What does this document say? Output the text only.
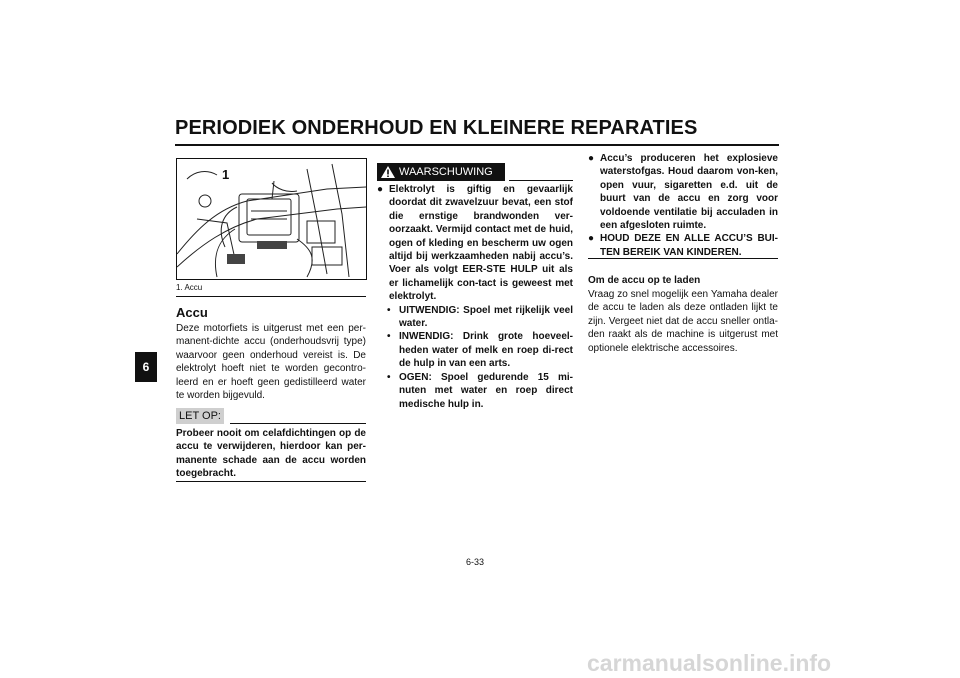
PERIODIEK ONDERHOUD EN KLEINERE REPARATIES
6
1
1. Accu
Accu
Deze motorfiets is uitgerust met een per-manent-dichte accu (onderhoudsvrij type) waarvoor geen onderhoud vereist is. De elektrolyt hoeft niet te worden gecontro-leerd en er hoeft geen gedistilleerd water te worden bijgevuld.
LET OP:
Probeer nooit om celafdichtingen op de accu te verwijderen, hierdoor kan per-manente schade aan de accu worden toegebracht.
WAARSCHUWING
● Elektrolyt is giftig en gevaarlijk doordat dit zwavelzuur bevat, een stof die ernstige brandwonden ver-oorzaakt. Vermijd contact met de huid, ogen of kleding en bescherm uw ogen altijd bij werkzaamheden nabij accu’s. Voer als volgt EER-STE HULP uit als er lichamelijk con-tact is geweest met elektrolyt.
• UITWENDIG: Spoel met rijkelijk veel water.
• INWENDIG: Drink grote hoeveel-heden water of melk en roep di-rect de hulp in van een arts.
• OGEN: Spoel gedurende 15 mi-nuten met water en roep direct medische hulp in.
● Accu’s produceren het explosieve waterstofgas. Houd daarom von-ken, open vuur, sigaretten e.d. uit de buurt van de accu en zorg voor voldoende ventilatie bij acculaden in een afgesloten ruimte.
● HOUD DEZE EN ALLE ACCU’S BUI-TEN BEREIK VAN KINDEREN.
Om de accu op te laden
Vraag zo snel mogelijk een Yamaha dealer de accu te laden als deze ontladen lijkt te zijn. Vergeet niet dat de accu sneller ontla-den raakt als de machine is uitgerust met optionele elektrische accessoires.
6-33
carmanualsonline.info
